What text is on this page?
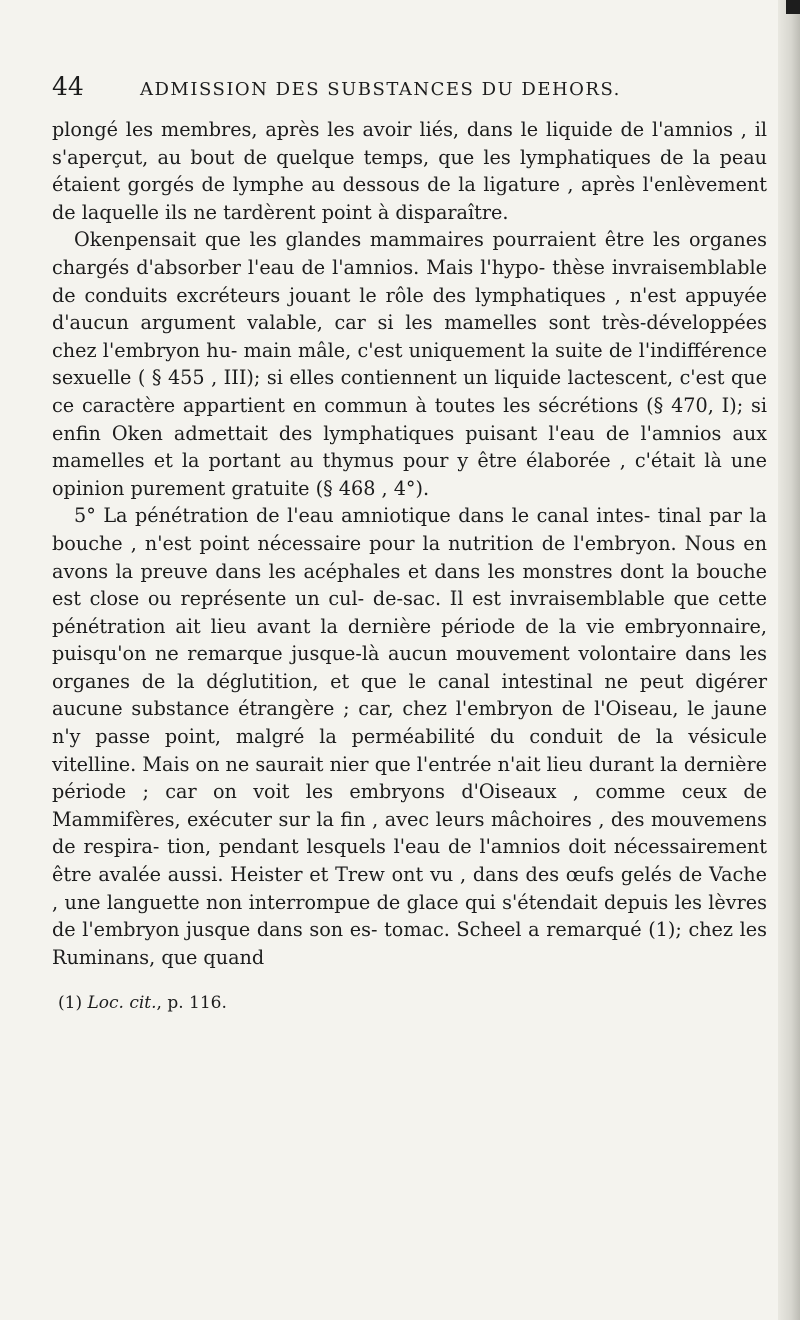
44	ADMISSION DES SUBSTANCES DU DEHORS.

plongé les membres, après les avoir liés, dans le liquide de l'amnios , il s'aperçut, au bout de quelque temps, que les lymphatiques de la peau étaient gorgés de lymphe au dessous de la ligature , après l'enlèvement de laquelle ils ne tardèrent point à disparaître.

Okenpensait que les glandes mammaires pourraient être les organes chargés d'absorber l'eau de l'amnios. Mais l'hypo- thèse invraisemblable de conduits excréteurs jouant le rôle des lymphatiques , n'est appuyée d'aucun argument valable, car si les mamelles sont très-développées chez l'embryon hu- main mâle, c'est uniquement la suite de l'indifférence sexuelle ( § 455 , III); si elles contiennent un liquide lactescent, c'est que ce caractère appartient en commun à toutes les sécrétions (§ 470, I); si enfin Oken admettait des lymphatiques puisant l'eau de l'amnios aux mamelles et la portant au thymus pour y être élaborée , c'était là une opinion purement gratuite (§ 468 , 4°).

5° La pénétration de l'eau amniotique dans le canal intes- tinal par la bouche , n'est point nécessaire pour la nutrition de l'embryon. Nous en avons la preuve dans les acéphales et dans les monstres dont la bouche est close ou représente un cul- de-sac. Il est invraisemblable que cette pénétration ait lieu avant la dernière période de la vie embryonnaire, puisqu'on ne remarque jusque-là aucun mouvement volontaire dans les organes de la déglutition, et que le canal intestinal ne peut digérer aucune substance étrangère ; car, chez l'embryon de l'Oiseau, le jaune n'y passe point, malgré la perméabilité du conduit de la vésicule vitelline. Mais on ne saurait nier que l'entrée n'ait lieu durant la dernière période ; car on voit les embryons d'Oiseaux , comme ceux de Mammifères, exécuter sur la fin , avec leurs mâchoires , des mouvemens de respira- tion, pendant lesquels l'eau de l'amnios doit nécessairement être avalée aussi. Heister et Trew ont vu , dans des œufs gelés de Vache , une languette non interrompue de glace qui s'étendait depuis les lèvres de l'embryon jusque dans son es- tomac. Scheel a remarqué (1); chez les Ruminans, que quand

(1) Loc. cit., p. 116.
